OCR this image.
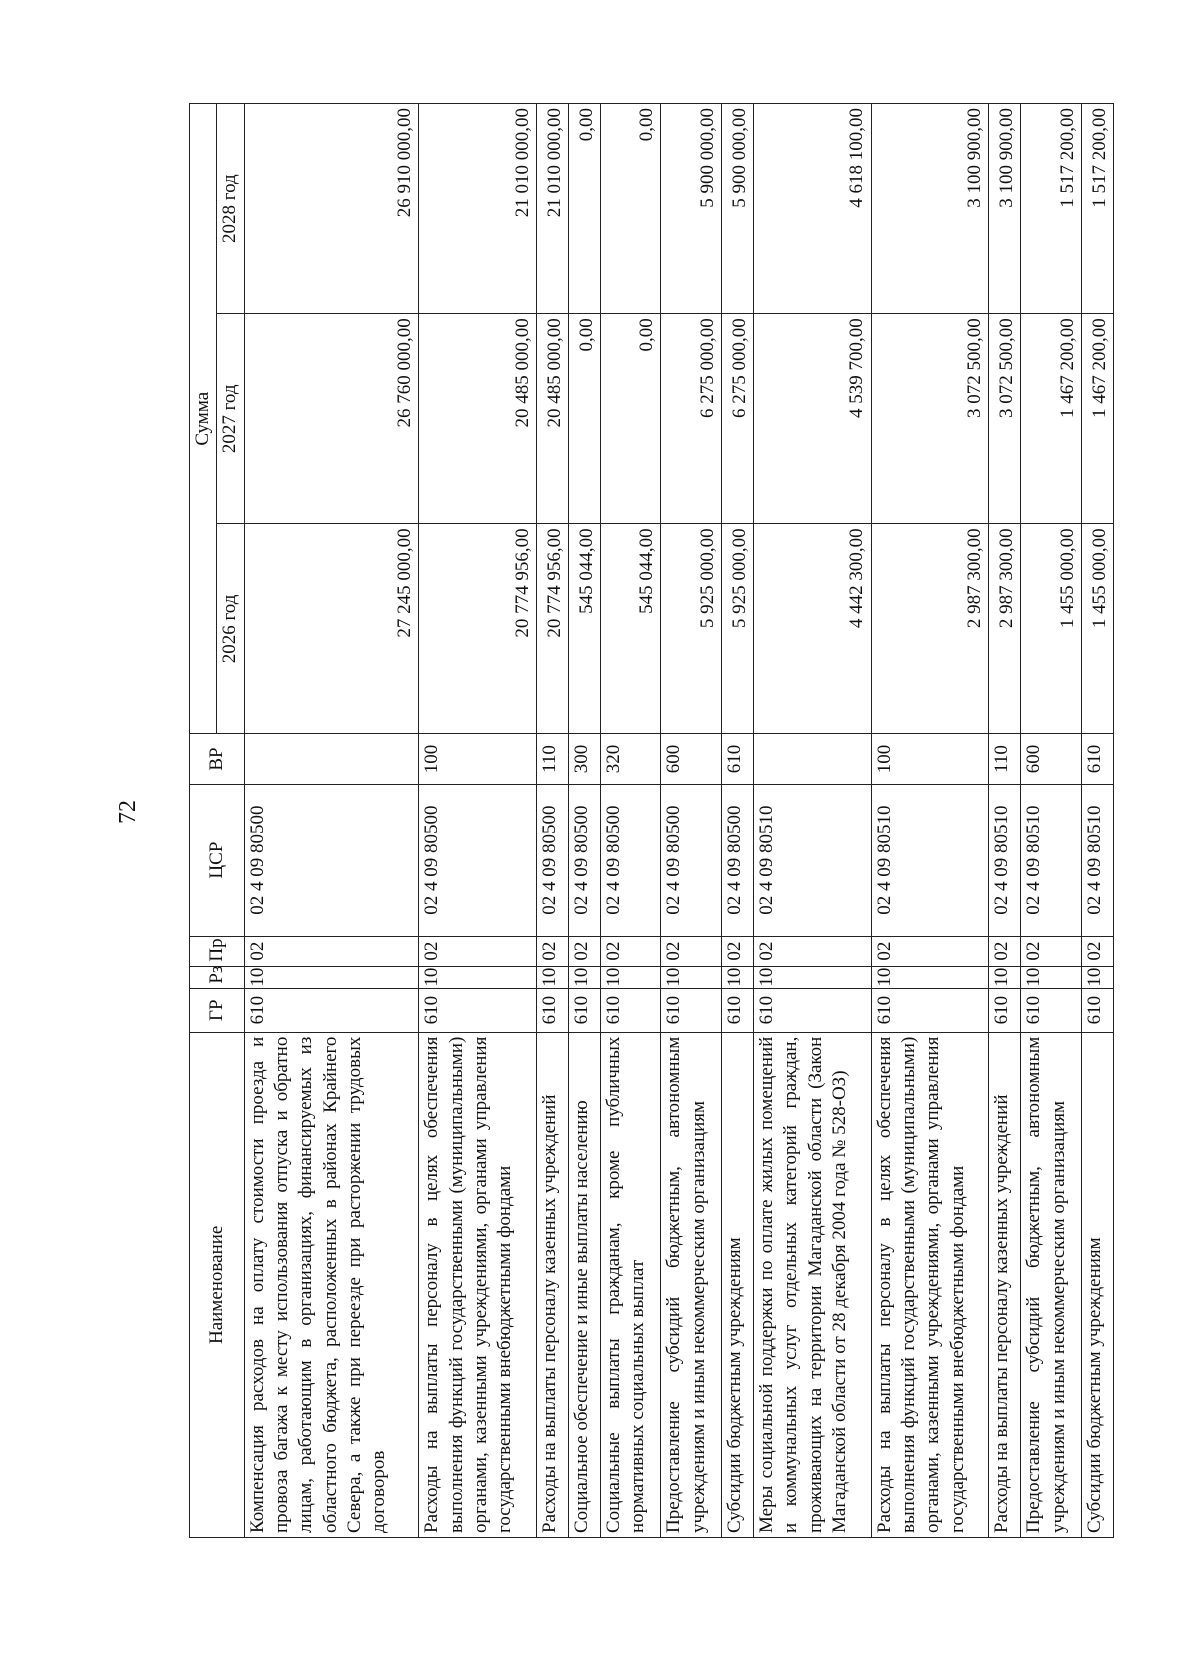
72
Наименование	ГР	Рз	Пр	ЦСР	ВР	Сумма		
						2026 год	2027 год	2028 год
Компенсация расходов на оплату стоимости проезда и провоза багажа к месту использования отпуска и обратно лицам, работающим в организациях, финансируемых из областного бюджета, расположенных в районах Крайнего Севера, а также при переезде при расторжении трудовых договоров	610	10	02	02 4 09 80500		27 245 000,00	26 760 000,00	26 910 000,00
Расходы на выплаты персоналу в целях обеспечения выполнения функций государственными (муниципальными) органами, казенными учреждениями, органами управления государственными внебюджетными фондами	610	10	02	02 4 09 80500	100	20 774 956,00	20 485 000,00	21 010 000,00
Расходы на выплаты персоналу казенных учреждений	610	10	02	02 4 09 80500	110	20 774 956,00	20 485 000,00	21 010 000,00
Социальное обеспечение и иные выплаты населению	610	10	02	02 4 09 80500	300	545 044,00	0,00	0,00
Социальные выплаты гражданам, кроме публичных нормативных социальных выплат	610	10	02	02 4 09 80500	320	545 044,00	0,00	0,00
Предоставление субсидий бюджетным, автономным учреждениям и иным некоммерческим организациям	610	10	02	02 4 09 80500	600	5 925 000,00	6 275 000,00	5 900 000,00
Субсидии бюджетным учреждениям	610	10	02	02 4 09 80500	610	5 925 000,00	6 275 000,00	5 900 000,00
Меры социальной поддержки по оплате жилых помещений и коммунальных услуг отдельных категорий граждан, проживающих на территории Магаданской области (Закон Магаданской области от 28 декабря 2004 года № 528-ОЗ)	610	10	02	02 4 09 80510		4 442 300,00	4 539 700,00	4 618 100,00
Расходы на выплаты персоналу в целях обеспечения выполнения функций государственными (муниципальными) органами, казенными учреждениями, органами управления государственными внебюджетными фондами	610	10	02	02 4 09 80510	100	2 987 300,00	3 072 500,00	3 100 900,00
Расходы на выплаты персоналу казенных учреждений	610	10	02	02 4 09 80510	110	2 987 300,00	3 072 500,00	3 100 900,00
Предоставление субсидий бюджетным, автономным учреждениям и иным некоммерческим организациям	610	10	02	02 4 09 80510	600	1 455 000,00	1 467 200,00	1 517 200,00
Субсидии бюджетным учреждениям	610	10	02	02 4 09 80510	610	1 455 000,00	1 467 200,00	1 517 200,00
